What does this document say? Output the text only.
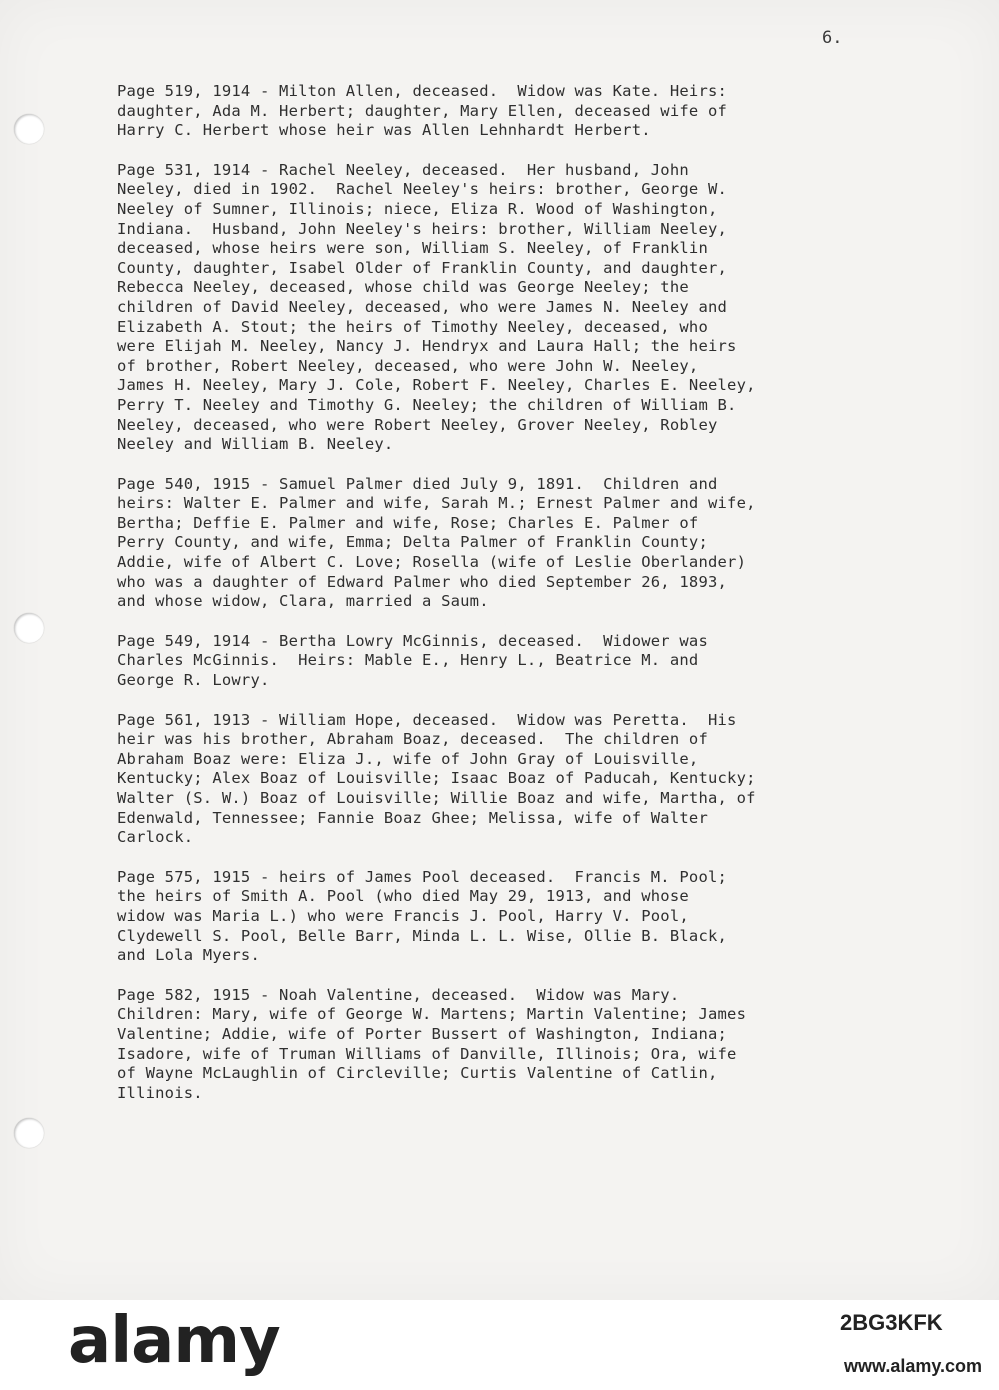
6.
Page 519, 1914 - Milton Allen, deceased.  Widow was Kate. Heirs:
daughter, Ada M. Herbert; daughter, Mary Ellen, deceased wife of
Harry C. Herbert whose heir was Allen Lehnhardt Herbert.
Page 531, 1914 - Rachel Neeley, deceased.  Her husband, John
Neeley, died in 1902.  Rachel Neeley's heirs: brother, George W.
Neeley of Sumner, Illinois; niece, Eliza R. Wood of Washington,
Indiana.  Husband, John Neeley's heirs: brother, William Neeley,
deceased, whose heirs were son, William S. Neeley, of Franklin
County, daughter, Isabel Older of Franklin County, and daughter,
Rebecca Neeley, deceased, whose child was George Neeley; the
children of David Neeley, deceased, who were James N. Neeley and
Elizabeth A. Stout; the heirs of Timothy Neeley, deceased, who
were Elijah M. Neeley, Nancy J. Hendryx and Laura Hall; the heirs
of brother, Robert Neeley, deceased, who were John W. Neeley,
James H. Neeley, Mary J. Cole, Robert F. Neeley, Charles E. Neeley,
Perry T. Neeley and Timothy G. Neeley; the children of William B.
Neeley, deceased, who were Robert Neeley, Grover Neeley, Robley
Neeley and William B. Neeley.
Page 540, 1915 - Samuel Palmer died July 9, 1891.  Children and
heirs: Walter E. Palmer and wife, Sarah M.; Ernest Palmer and wife,
Bertha; Deffie E. Palmer and wife, Rose; Charles E. Palmer of
Perry County, and wife, Emma; Delta Palmer of Franklin County;
Addie, wife of Albert C. Love; Rosella (wife of Leslie Oberlander)
who was a daughter of Edward Palmer who died September 26, 1893,
and whose widow, Clara, married a Saum.
Page 549, 1914 - Bertha Lowry McGinnis, deceased.  Widower was
Charles McGinnis.  Heirs: Mable E., Henry L., Beatrice M. and
George R. Lowry.
Page 561, 1913 - William Hope, deceased.  Widow was Peretta.  His
heir was his brother, Abraham Boaz, deceased.  The children of
Abraham Boaz were: Eliza J., wife of John Gray of Louisville,
Kentucky; Alex Boaz of Louisville; Isaac Boaz of Paducah, Kentucky;
Walter (S. W.) Boaz of Louisville; Willie Boaz and wife, Martha, of
Edenwald, Tennessee; Fannie Boaz Ghee; Melissa, wife of Walter
Carlock.
Page 575, 1915 - heirs of James Pool deceased.  Francis M. Pool;
the heirs of Smith A. Pool (who died May 29, 1913, and whose
widow was Maria L.) who were Francis J. Pool, Harry V. Pool,
Clydewell S. Pool, Belle Barr, Minda L. L. Wise, Ollie B. Black,
and Lola Myers.
Page 582, 1915 - Noah Valentine, deceased.  Widow was Mary.
Children: Mary, wife of George W. Martens; Martin Valentine; James
Valentine; Addie, wife of Porter Bussert of Washington, Indiana;
Isadore, wife of Truman Williams of Danville, Illinois; Ora, wife
of Wayne McLaughlin of Circleville; Curtis Valentine of Catlin,
Illinois.
alamy	2BG3KFK
www.alamy.com
